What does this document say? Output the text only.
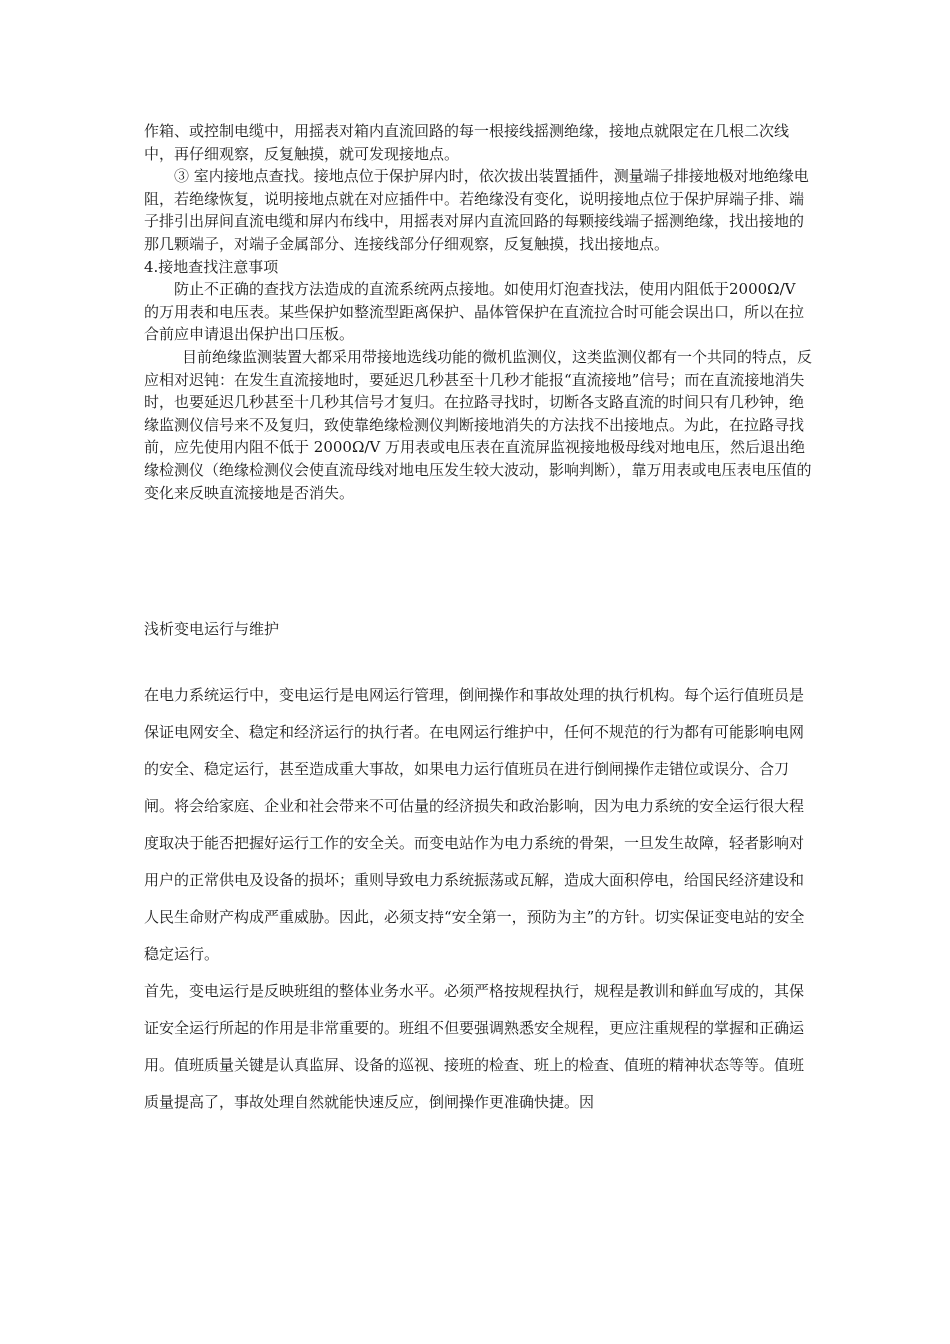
作箱、或控制电缆中，用摇表对箱内直流回路的每一根接线摇测绝缘，接地点就限定在几根二次线中，再仔细观察，反复触摸，就可发现接地点。

③ 室内接地点查找。接地点位于保护屏内时，依次拔出装置插件，测量端子排接地极对地绝缘电阻，若绝缘恢复，说明接地点就在对应插件中。若绝缘没有变化，说明接地点位于保护屏端子排、端子排引出屏间直流电缆和屏内布线中，用摇表对屏内直流回路的每颗接线端子摇测绝缘，找出接地的那几颗端子，对端子金属部分、连接线部分仔细观察，反复触摸，找出接地点。

4.接地查找注意事项

防止不正确的查找方法造成的直流系统两点接地。如使用灯泡查找法，使用内阻低于2000Ω/V 的万用表和电压表。某些保护如整流型距离保护、晶体管保护在直流拉合时可能会误出口，所以在拉合前应申请退出保护出口压板。

目前绝缘监测装置大都采用带接地选线功能的微机监测仪，这类监测仪都有一个共同的特点，反应相对迟钝：在发生直流接地时，要延迟几秒甚至十几秒才能报“直流接地”信号；而在直流接地消失时，也要延迟几秒甚至十几秒其信号才复归。在拉路寻找时，切断各支路直流的时间只有几秒钟，绝缘监测仪信号来不及复归，致使靠绝缘检测仪判断接地消失的方法找不出接地点。为此，在拉路寻找前，应先使用内阻不低于 2000Ω/V 万用表或电压表在直流屏监视接地极母线对地电压，然后退出绝缘检测仪（绝缘检测仪会使直流母线对地电压发生较大波动，影响判断），靠万用表或电压表电压值的变化来反映直流接地是否消失。

浅析变电运行与维护

在电力系统运行中，变电运行是电网运行管理，倒闸操作和事故处理的执行机构。每个运行值班员是保证电网安全、稳定和经济运行的执行者。在电网运行维护中，任何不规范的行为都有可能影响电网的安全、稳定运行，甚至造成重大事故，如果电力运行值班员在进行倒闸操作走错位或误分、合刀闸。将会给家庭、企业和社会带来不可估量的经济损失和政治影响，因为电力系统的安全运行很大程度取决于能否把握好运行工作的安全关。而变电站作为电力系统的骨架，一旦发生故障，轻者影响对用户的正常供电及设备的损坏；重则导致电力系统振荡或瓦解，造成大面积停电，给国民经济建设和人民生命财产构成严重威胁。因此，必须支持“安全第一，预防为主”的方针。切实保证变电站的安全稳定运行。

首先，变电运行是反映班组的整体业务水平。必须严格按规程执行，规程是教训和鲜血写成的，其保证安全运行所起的作用是非常重要的。班组不但要强调熟悉安全规程，更应注重规程的掌握和正确运用。值班质量关键是认真监屏、设备的巡视、接班的检查、班上的检查、值班的精神状态等等。值班质量提高了，事故处理自然就能快速反应，倒闸操作更准确快捷。因
